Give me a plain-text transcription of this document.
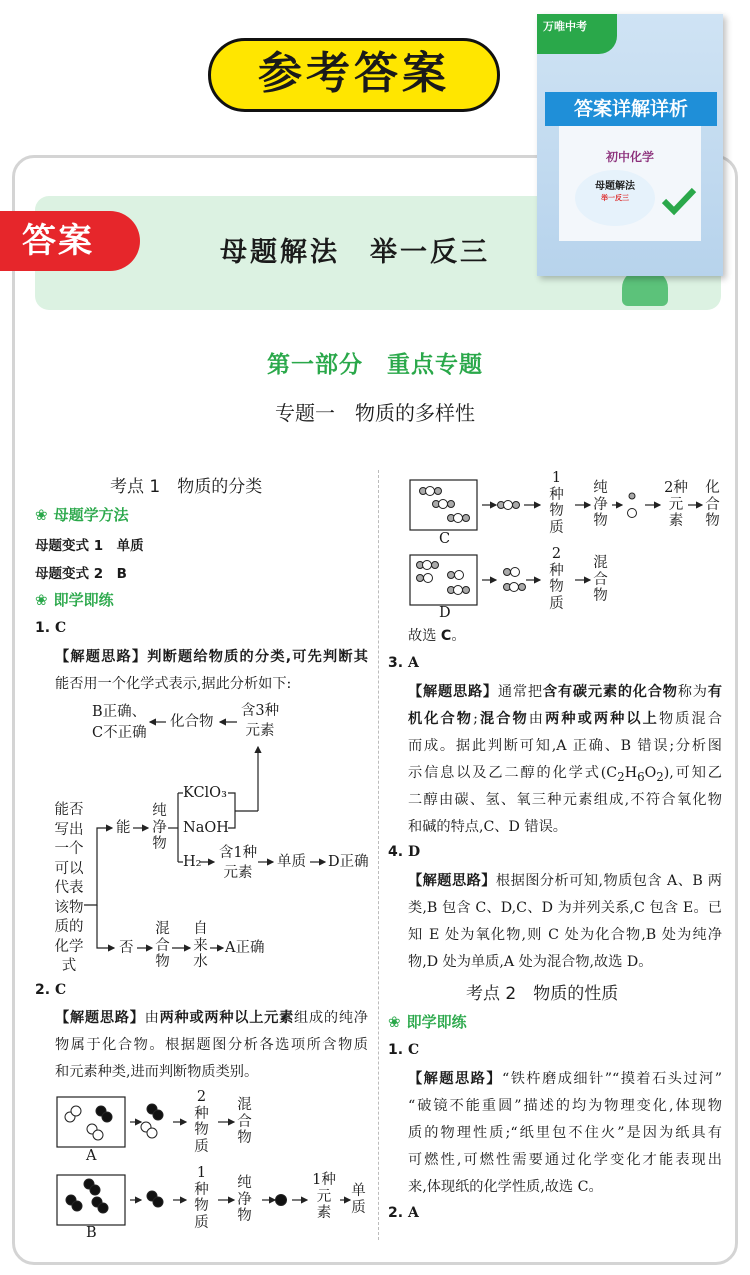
参考答案
答案	母题解法　举一反三
万唯中考
答案详解详析
初中化学
母题解法
举一反三
第一部分　重点专题
专题一　物质的多样性
考点 1　物质的分类
❀ 母题学方法
母题变式 1　单质
母题变式 2　B
❀ 即学即练
1. C
【解题思路】判断题给物质的分类,可先判断其
能否用一个化学式表示,据此分析如下:
能否
写出
一个
可以
代表
该物
质的
化学
式
能
纯
净
物
KClO₃
NaOH
H₂
含3种
元素
化合物
B正确、
C不正确
含1种
元素
单质 D正确
否
混
合
物
自
来
水
A正确
2. C
【解题思路】由两种或两种以上元素组成的纯净
物属于化合物。根据题图分析各选项所含物质
和元素种类,进而判断物质类别。
A
B
2
种
物
质
混
合
物
1
种
物
质
纯
净
物
1种
元
素
单
质
C
D
1
种
物
质
纯
净
物
2种
元
素
化
合
物
2
种
物
质
混
合
物
故选 C。
3. A
【解题思路】通常把含有碳元素的化合物称为有
机化合物;混合物由两种或两种以上物质混合
而成。据此判断可知,A 正确、B 错误;分析图
示信息以及乙二醇的化学式$(C_2H_6O_2)$,可知乙
二醇由碳、氢、氧三种元素组成,不符合氧化物
和碱的特点,C、D 错误。
4. D
【解题思路】根据图分析可知,物质包含 A、B 两
类,B 包含 C、D,C、D 为并列关系,C 包含 E。已
知 E 处为氧化物,则 C 处为化合物,B 处为纯净
物,D 处为单质,A 处为混合物,故选 D。
考点 2　物质的性质
❀ 即学即练
1. C
【解题思路】“铁杵磨成细针”“摸着石头过河”
“破镜不能重圆”描述的均为物理变化,体现物
质的物理性质;“纸里包不住火”是因为纸具有
可燃性,可燃性需要通过化学变化才能表现出
来,体现纸的化学性质,故选 C。
2. A
